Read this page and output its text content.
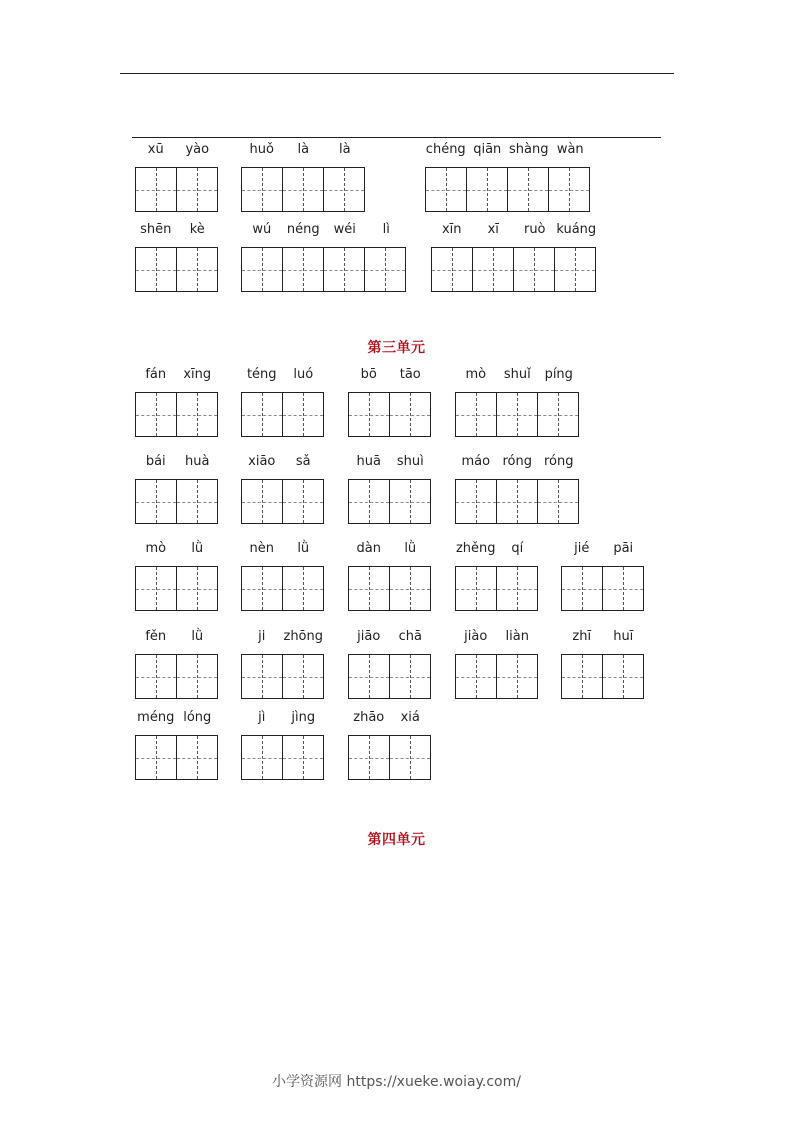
xū yào	huǒ là là	chéng qiān shàng wàn
shēn kè	wú néng wéi lì	xīn xī ruò kuáng
第三单元
fán xīng	téng luó	bō tāo	mò shuǐ píng
bái huà	xiāo sǎ	huā shuì	máo róng róng
mò lǜ	nèn lǜ	dàn lǜ	zhěng qí	jié pāi
fěn lǜ	ji zhōng	jiāo chā	jiào liàn	zhī huī
méng lóng	jì jìng	zhāo xiá
第四单元
小学资源网 https://xueke.woiay.com/
